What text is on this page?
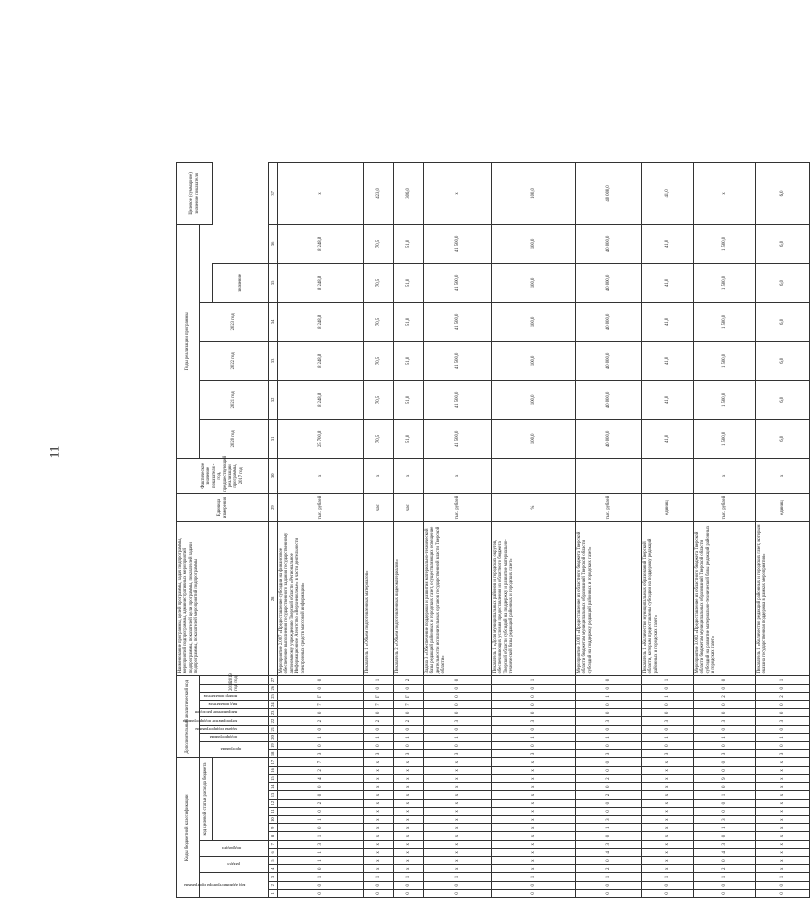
11
Коды бюджетной классификации																	Дополнительный аналитический код										Наименование программы, целей программы, задач подпрограммы, мероприятий подпрограммы, административных мероприятий подпрограммы, показателей цели программы, показателей задачи подпрограммы, показателей мероприятий подпрограммы	Единица измерения	Фактическое значение показателя - год, предшествующий реализации программы, 2017 год	Годы реализации программы						Целевое (суммарное) значение показателя

код администратора программы			раздел		подраздел		код целевой статьи расхода бюджета										программа		подпрограмма	задача подпрограммы	мероприятие подпрограммы	направление расходов	вид показателя	номер показателя	2018 год	2019 год				2020 год	2021 год	2022 год	2023 год			
																																		значение		
1	2	3	4	5	6	7	8	9	10	11	12	13	14	15	16	17	18	19	20	21	22	23	24	25	26	27	28	29	30	31	32	33	34	35	36	37
0	0	1	0	1	1	3	1	0	1	0	2	0	0	4	2	7	3	0	1	0	2	0	7	Г	0	0	Мероприятие 2.007 «Предоставление субсидии на финансовое обеспечение выполнения государственного задания государственному автономному учреждению Тверской области «Региональное Информационное Агентство «Верхневолжье» в части деятельности электронных средств массовой информации»	тыс. рублей	х	25 700,8	8 248,8	8 248,8	8 248,8	8 248,8	8 248,8	х
0	0	1	х	х	х	х	х	х	х	х	х	х	х	х	х	х	3	0	1	0	2	0	7	Г	0	1	Показатель 1 «Объем подготовленных материалов»	час	х	70,5	70,5	70,5	70,5	70,5	70,5	423,0
0	0	1	х	х	х	х	х	х	х	х	х	х	х	х	х	х	3	0	1	0	2	0	7	Г	0	2	Показатель 2 «Объем подготовленных видеоматериалов»	час	х	51,0	51,0	51,0	51,0	51,0	51,0	306,0
0	0	1	х	х	х	х	х	х	х	х	х	х	х	х	х	х	3	0	1	0	3	0	0	0	0	0	Задача 3 «Обеспечение поддержки и развития материально-технической базы редакций районных и городских газет, осуществляющих освещение деятельности исполнительных органов государственной власти Тверской области»	тыс. рублей	х	41 500,0	41 500,0	41 500,0	41 500,0	41 500,0	41 500,0	х
0	0	1	х	х	х	х	х	х	х	х	х	х	х	х	х	х	3	0	1	0	3	0	0	0	0	1	Показатель 1 «Доля муниципальных районов и городских округов, обеспечивающих условия предоставления из областного бюджета Тверской области субсидий на поддержку и развитие материально-технической базы редакций районных и городских газет»	%		100,0	100,0	100,0	100,0	100,0	100,0	100,0
0	0	1	2	0	4	3	0	1	3	0	0	2	0	2	0	0	3	0	1	0	3	0	0	1	0	0	Мероприятие 3.001 «Предоставление из областного бюджета Тверской области бюджетам муниципальных образований Тверской области субсидий на поддержку редакций районных и городских газет»	тыс. рублей		40 000,0	40 000,0	40 000,0	40 000,0	40 000,0	40 000,0	40 000,0
0	0	1	х	х	х	х	х	х	х	х	х	х	х	х	х	х	3	0	1	0	3	0	0	1	0	1	Показатель 1 «Количество муниципальных образований Тверской области, которым предоставлены субсидии на поддержку редакций районных и городских газет»	единиц		41,0	41,0	41,0	41,0	41,0	41,0	41,0
0	0	1	2	0	4	3	0	1	3	0	0	1	0	9	0	0	3	0	1	0	3	0	0	2	0	0	Мероприятие 3.002 «Предоставление из областного бюджета Тверской области бюджетам муниципальных образований Тверской области субсидий на развитие материально-технической базы редакций районных и городских газет»	тыс. рублей	х	1 500,0	1 500,0	1 500,0	1 500,0	1 500,0	1 500,0	х
0	0	1	х	х	х	х	х	х	х	х	х	х	х	х	х	х	3	0	1	0	3	0	0	2	0	1	Показатель 1 «Количество редакций районных и городских газет, которым оказана государственная поддержка в рамках мероприятия»	единиц	х	6,0	6,0	6,0	6,0	6,0	6,0	6,0
